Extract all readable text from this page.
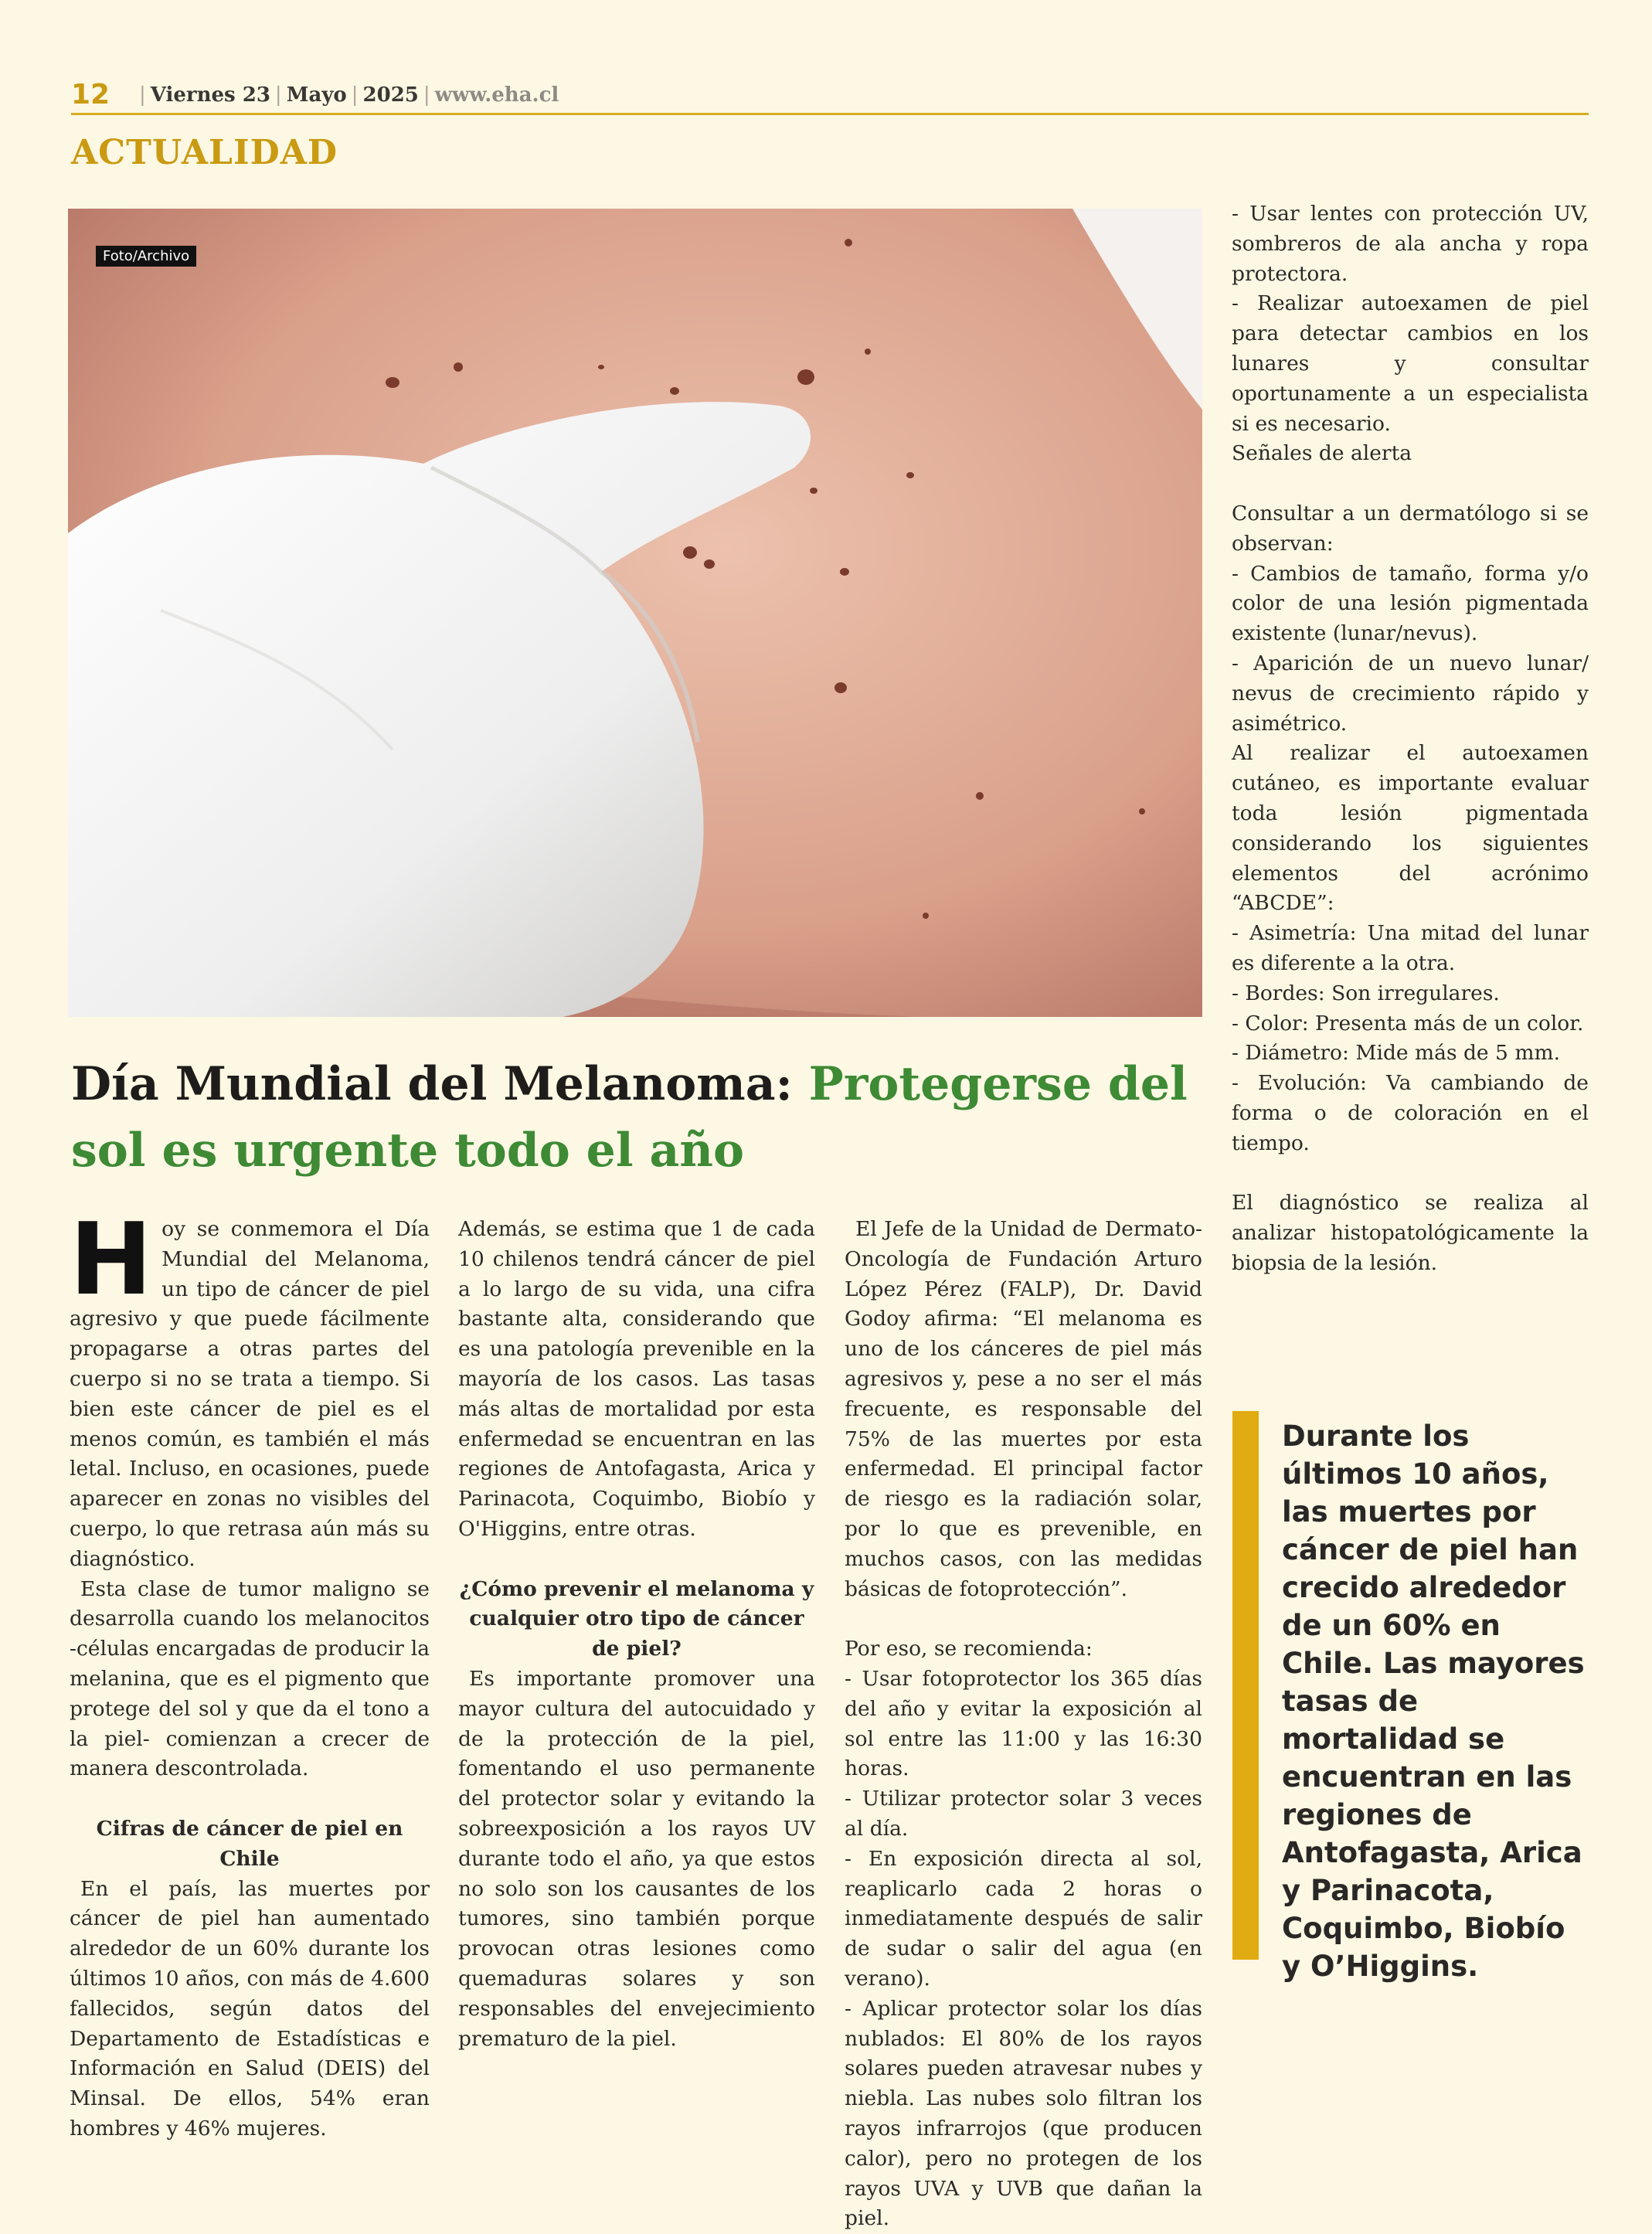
12 | Viernes 23 | Mayo | 2025 | www.eha.cl
ACTUALIDAD
Foto/Archivo
Día Mundial del Melanoma: Protegerse del sol es urgente todo el año

Hoy se conmemora el Día Mundial del Melanoma, un tipo de cáncer de piel agresivo y que puede fácilmente propagarse a otras partes del cuerpo si no se trata a tiempo. Si bien este cáncer de piel es el menos común, es también el más letal. Incluso, en ocasiones, puede aparecer en zonas no visibles del cuerpo, lo que retrasa aún más su diagnóstico.

Esta clase de tumor maligno se desarrolla cuando los melanocitos -células encargadas de producir la melanina, que es el pigmento que protege del sol y que da el tono a la piel- comienzan a crecer de manera descontrolada.

Cifras de cáncer de piel en Chile

En el país, las muertes por cáncer de piel han aumentado alrededor de un 60% durante los últimos 10 años, con más de 4.600 fallecidos, según datos del Departamento de Estadísticas e Información en Salud (DEIS) del Minsal. De ellos, 54% eran hombres y 46% mujeres.

Además, se estima que 1 de cada 10 chilenos tendrá cáncer de piel a lo largo de su vida, una cifra bastante alta, considerando que es una patología prevenible en la mayoría de los casos. Las tasas más altas de mortalidad por esta enfermedad se encuentran en las regiones de Antofagasta, Arica y Parinacota, Coquimbo, Biobío y O'Higgins, entre otras.

¿Cómo prevenir el melanoma y cualquier otro tipo de cáncer de piel?

Es importante promover una mayor cultura del autocuidado y de la protección de la piel, fomentando el uso permanente del protector solar y evitando la sobreexposición a los rayos UV durante todo el año, ya que estos no solo son los causantes de los tumores, sino también porque provocan otras lesiones como quemaduras solares y son responsables del envejecimiento prematuro de la piel.

El Jefe de la Unidad de Dermato-Oncología de Fundación Arturo López Pérez (FALP), Dr. David Godoy afirma: “El melanoma es uno de los cánceres de piel más agresivos y, pese a no ser el más frecuente, es responsable del 75% de las muertes por esta enfermedad. El principal factor de riesgo es la radiación solar, por lo que es prevenible, en muchos casos, con las medidas básicas de fotoprotección”.

Por eso, se recomienda:

- Usar fotoprotector los 365 días del año y evitar la exposición al sol entre las 11:00 y las 16:30 horas.

- Utilizar protector solar 3 veces al día.

- En exposición directa al sol, reaplicarlo cada 2 horas o inmediatamente después de salir de sudar o salir del agua (en verano).

- Aplicar protector solar los días nublados: El 80% de los rayos solares pueden atravesar nubes y niebla. Las nubes solo filtran los rayos infrarrojos (que producen calor), pero no protegen de los rayos UVA y UVB que dañan la piel.

- Usar lentes con protección UV, sombreros de ala ancha y ropa protectora.

- Realizar autoexamen de piel para detectar cambios en los lunares y consultar oportunamente a un especialista si es necesario.

Señales de alerta

Consultar a un dermatólogo si se observan:

- Cambios de tamaño, forma y/o color de una lesión pigmentada existente (lunar/nevus).

- Aparición de un nuevo lunar/ nevus de crecimiento rápido y asimétrico.

Al realizar el autoexamen cutáneo, es importante evaluar toda lesión pigmentada considerando los siguientes elementos del acrónimo “ABCDE”:

- Asimetría: Una mitad del lunar es diferente a la otra.

- Bordes: Son irregulares.

- Color: Presenta más de un color.

- Diámetro: Mide más de 5 mm.

- Evolución: Va cambiando de forma o de coloración en el tiempo.

El diagnóstico se realiza al analizar histopatológicamente la biopsia de la lesión.

Durante los últimos 10 años, las muertes por cáncer de piel han crecido alrededor de un 60% en Chile. Las mayores tasas de mortalidad se encuentran en las regiones de Antofagasta, Arica y Parinacota, Coquimbo, Biobío y O’Higgins.
